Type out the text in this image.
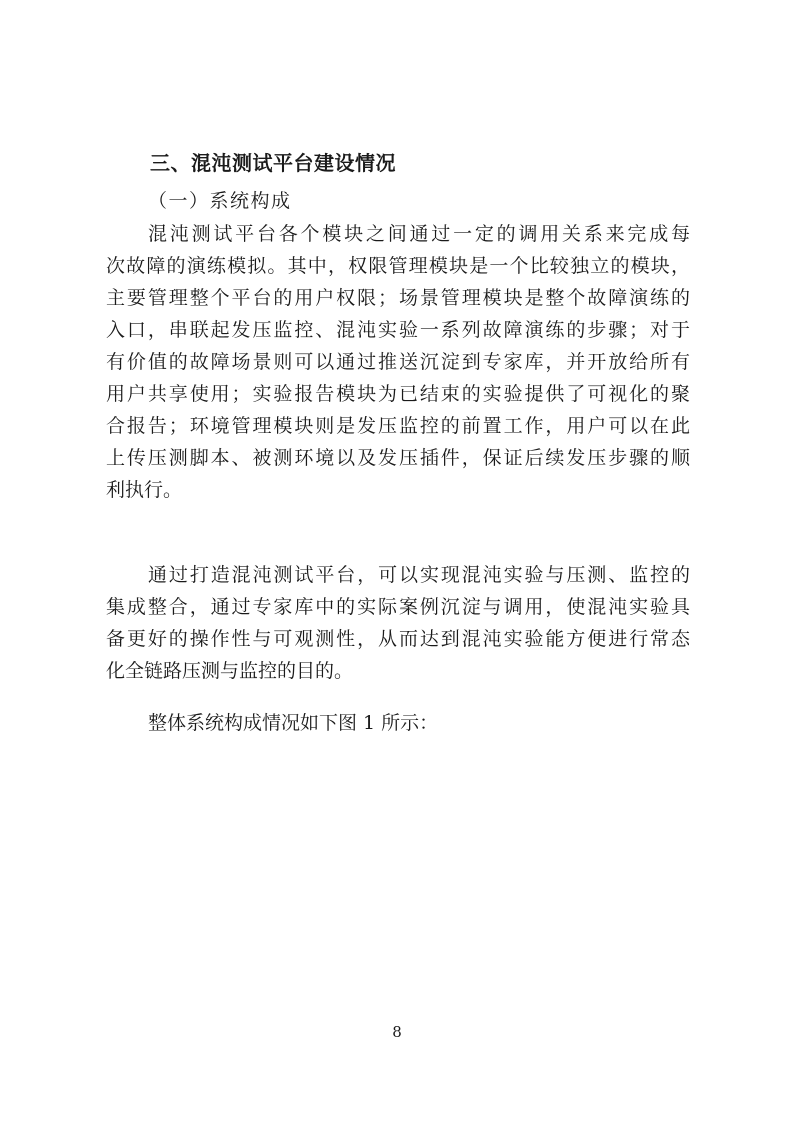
三、混沌测试平台建设情况
（一）系统构成
混沌测试平台各个模块之间通过一定的调用关系来完成每
次故障的演练模拟。其中，权限管理模块是一个比较独立的模块，
主要管理整个平台的用户权限；场景管理模块是整个故障演练的
入口，串联起发压监控、混沌实验一系列故障演练的步骤；对于
有价值的故障场景则可以通过推送沉淀到专家库，并开放给所有
用户共享使用；实验报告模块为已结束的实验提供了可视化的聚
合报告；环境管理模块则是发压监控的前置工作，用户可以在此
上传压测脚本、被测环境以及发压插件，保证后续发压步骤的顺
利执行。
通过打造混沌测试平台，可以实现混沌实验与压测、监控的
集成整合，通过专家库中的实际案例沉淀与调用，使混沌实验具
备更好的操作性与可观测性，从而达到混沌实验能方便进行常态
化全链路压测与监控的目的。
整体系统构成情况如下图 1 所示：
8
